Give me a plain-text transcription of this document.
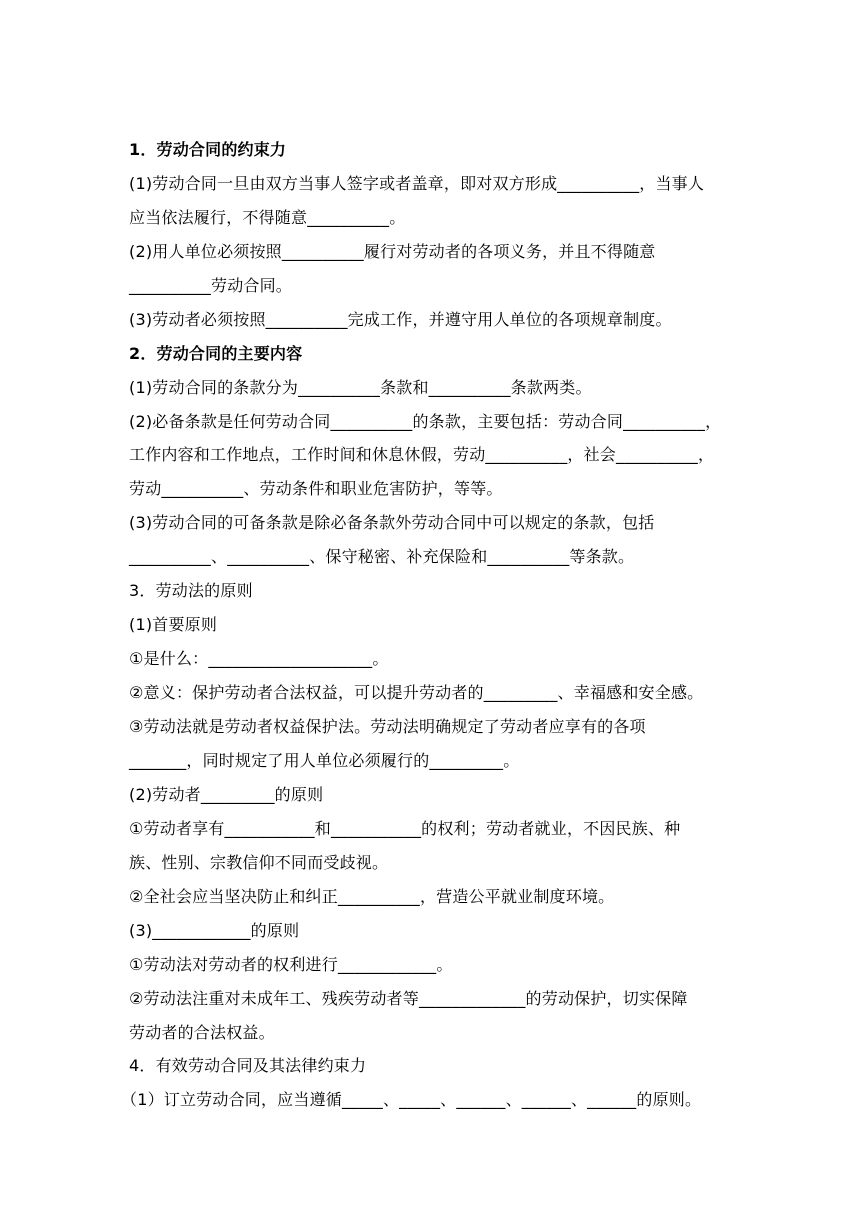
1．劳动合同的约束力
(1)劳动合同一旦由双方当事人签字或者盖章，即对双方形成__________，当事人
应当依法履行，不得随意__________。
(2)用人单位必须按照__________履行对劳动者的各项义务，并且不得随意
__________劳动合同。
(3)劳动者必须按照__________完成工作，并遵守用人单位的各项规章制度。
2．劳动合同的主要内容
(1)劳动合同的条款分为__________条款和__________条款两类。
(2)必备条款是任何劳动合同__________的条款，主要包括：劳动合同__________，
工作内容和工作地点，工作时间和休息休假，劳动__________，社会__________，
劳动__________、劳动条件和职业危害防护，等等。
(3)劳动合同的可备条款是除必备条款外劳动合同中可以规定的条款，包括
__________、__________、保守秘密、补充保险和__________等条款。
3．劳动法的原则
(1)首要原则
①是什么：____________________。
②意义：保护劳动者合法权益，可以提升劳动者的_________、幸福感和安全感。
③劳动法就是劳动者权益保护法。劳动法明确规定了劳动者应享有的各项
_______，同时规定了用人单位必须履行的_________。
(2)劳动者_________的原则
①劳动者享有___________和___________的权利；劳动者就业，不因民族、种
族、性别、宗教信仰不同而受歧视。
②全社会应当坚决防止和纠正__________，营造公平就业制度环境。
(3)____________的原则
①劳动法对劳动者的权利进行____________。
②劳动法注重对未成年工、残疾劳动者等_____________的劳动保护，切实保障
劳动者的合法权益。
4．有效劳动合同及其法律约束力
（1）订立劳动合同，应当遵循_____、_____、______、______、______的原则。
